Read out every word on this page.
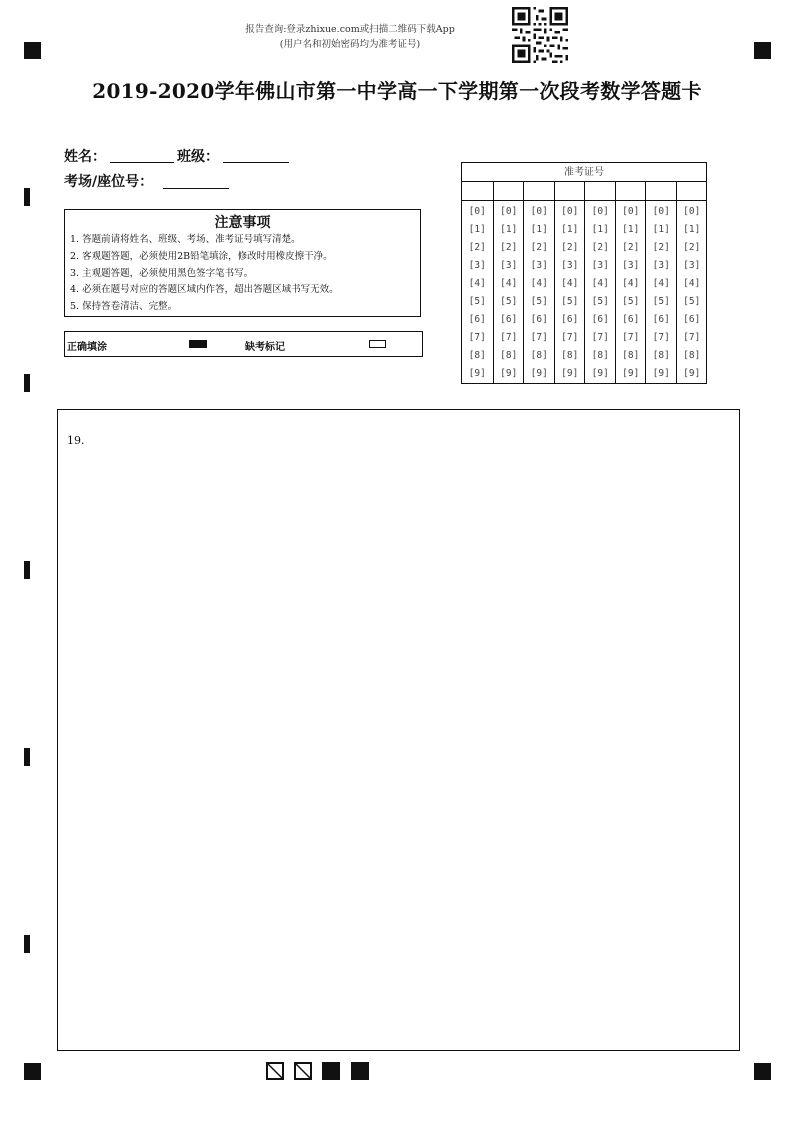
报告查询:登录zhixue.com或扫描二维码下载App
(用户名和初始密码均为准考证号)
2019-2020学年佛山市第一中学高一下学期第一次段考数学答题卡
姓名：	班级：
考场/座位号：
注意事项
1. 答题前请将姓名、班级、考场、准考证号填写清楚。
2. 客观题答题，必须使用2B铅笔填涂，修改时用橡皮擦干净。
3. 主观题答题，必须使用黑色签字笔书写。
4. 必须在题号对应的答题区域内作答，超出答题区域书写无效。
5. 保持答卷清洁、完整。
正确填涂	缺考标记
准考证号
[0]
[1]
[2]
[3]
[4]
[5]
[6]
[7]
[8]
[9]
[0]
[1]
[2]
[3]
[4]
[5]
[6]
[7]
[8]
[9]
[0]
[1]
[2]
[3]
[4]
[5]
[6]
[7]
[8]
[9]
[0]
[1]
[2]
[3]
[4]
[5]
[6]
[7]
[8]
[9]
[0]
[1]
[2]
[3]
[4]
[5]
[6]
[7]
[8]
[9]
[0]
[1]
[2]
[3]
[4]
[5]
[6]
[7]
[8]
[9]
[0]
[1]
[2]
[3]
[4]
[5]
[6]
[7]
[8]
[9]
[0]
[1]
[2]
[3]
[4]
[5]
[6]
[7]
[8]
[9]
19.
